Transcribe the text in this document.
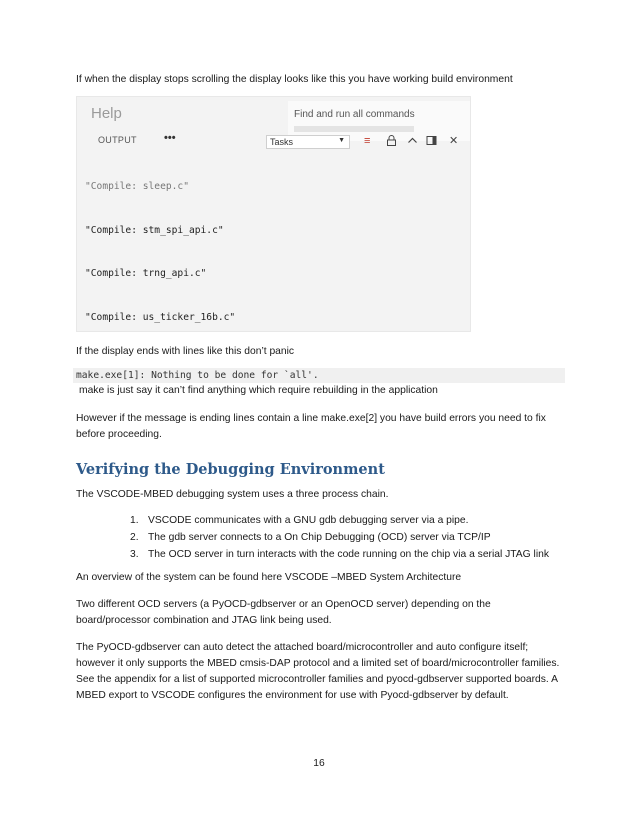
If when the display stops scrolling the display looks like this you have working build environment
Help	Find and run all commands
OUTPUT •••	Tasks	▼ ≡	✕

"Compile: sleep.c"

"Compile: stm_spi_api.c"

"Compile: trng_api.c"

"Compile: us_ticker_16b.c"

If the display ends with lines like this don’t panic
make.exe[1]: Nothing to be done for `all'.
make is just say it can’t find anything which require rebuilding in the application
However if the message is ending lines contain a line make.exe[2] you have build errors you need to fix before proceeding.
Verifying the Debugging Environment
The VSCODE-MBED debugging system uses a three process chain.
1. VSCODE communicates with a GNU gdb debugging server via a pipe.
2. The gdb server connects to a On Chip Debugging (OCD) server via TCP/IP
3. The OCD server in turn interacts with the code running on the chip via a serial JTAG link
An overview of the system can be found here VSCODE –MBED System Architecture
Two different OCD servers (a PyOCD-gdbserver or an OpenOCD server) depending on the board/processor combination and JTAG link being used.
The PyOCD-gdbserver can auto detect the attached board/microcontroller and auto configure itself; however it only supports the MBED cmsis-DAP protocol and a limited set of board/microcontroller families. See the appendix for a list of supported microcontroller families and pyocd-gdbserver supported boards. A MBED export to VSCODE configures the environment for use with Pyocd-gdbserver by default.
16
